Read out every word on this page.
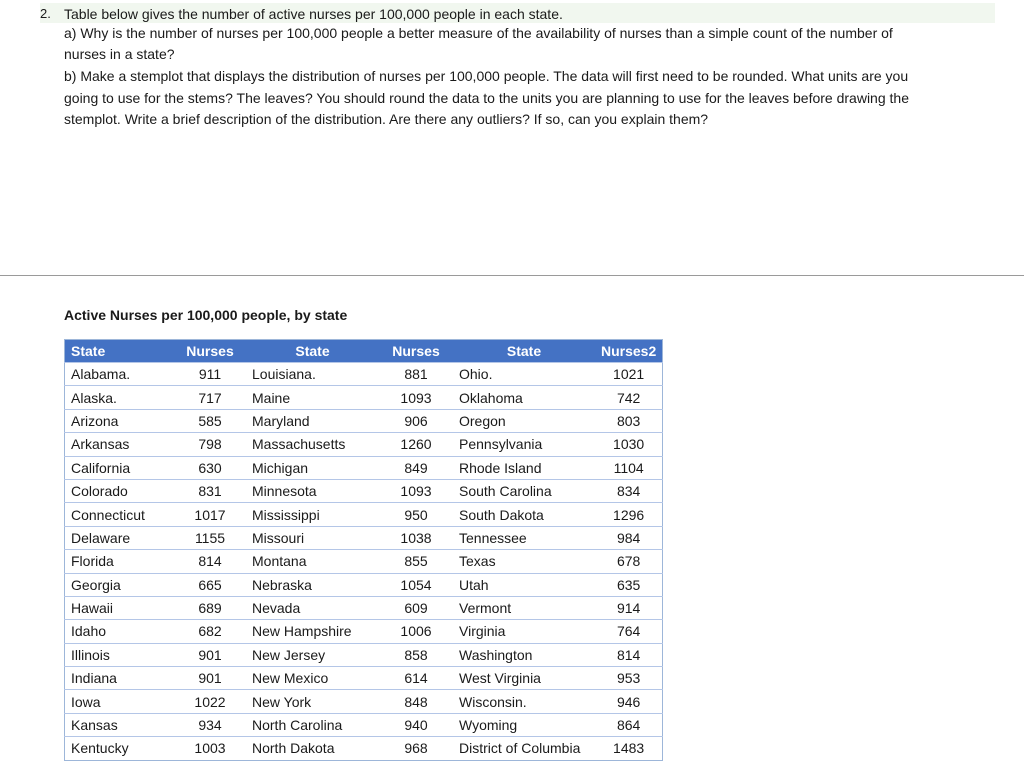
2. Table below gives the number of active nurses per 100,000 people in each state.
a) Why is the number of nurses per 100,000 people a better measure of the availability of nurses than a simple count of the number of
nurses in a state?
b) Make a stemplot that displays the distribution of nurses per 100,000 people. The data will first need to be rounded. What units are you
going to use for the stems? The leaves? You should round the data to the units you are planning to use for the leaves before drawing the
stemplot. Write a brief description of the distribution. Are there any outliers? If so, can you explain them?
Active Nurses per 100,000 people, by state
State	Nurses	State	Nurses	State	Nurses2
Alabama.	911	Louisiana.	881	Ohio.	1021
Alaska.	717	Maine	1093	Oklahoma	742
Arizona	585	Maryland	906	Oregon	803
Arkansas	798	Massachusetts	1260	Pennsylvania	1030
California	630	Michigan	849	Rhode Island	1104
Colorado	831	Minnesota	1093	South Carolina	834
Connecticut	1017	Mississippi	950	South Dakota	1296
Delaware	1155	Missouri	1038	Tennessee	984
Florida	814	Montana	855	Texas	678
Georgia	665	Nebraska	1054	Utah	635
Hawaii	689	Nevada	609	Vermont	914
Idaho	682	New Hampshire	1006	Virginia	764
Illinois	901	New Jersey	858	Washington	814
Indiana	901	New Mexico	614	West Virginia	953
Iowa	1022	New York	848	Wisconsin.	946
Kansas	934	North Carolina	940	Wyoming	864
Kentucky	1003	North Dakota	968	District of Columbia	1483
